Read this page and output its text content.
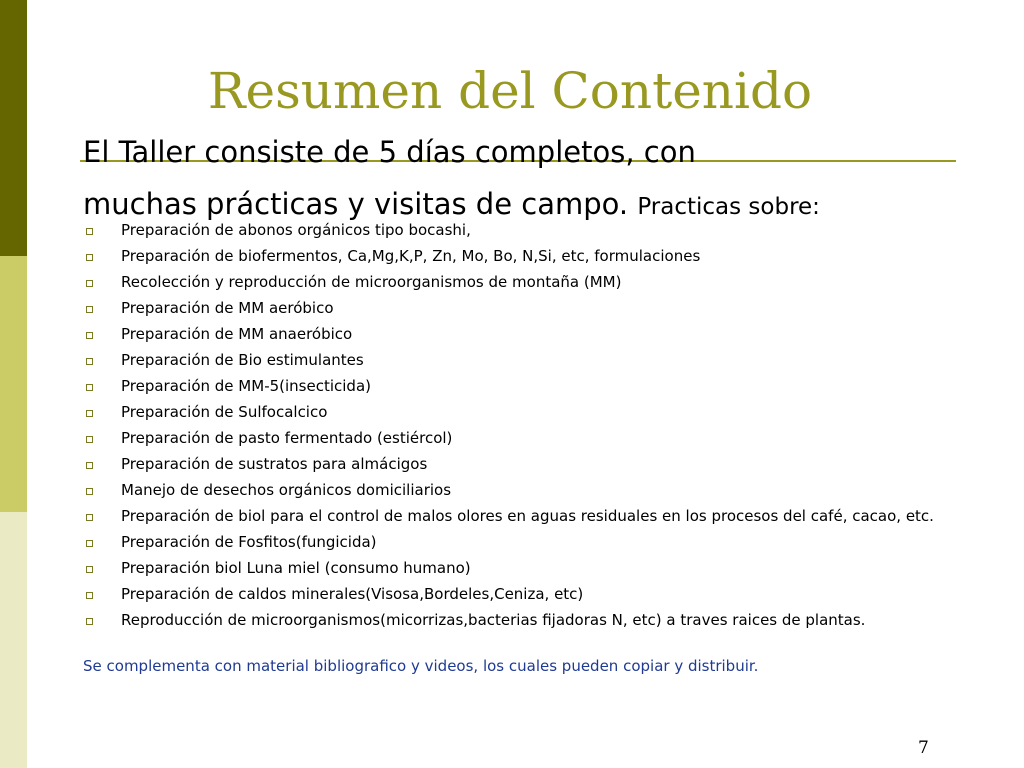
Resumen del Contenido
El Taller consiste de 5 días completos, con
muchas prácticas y visitas de campo. Practicas sobre:
Preparación de abonos orgánicos tipo bocashi,
Preparación de biofermentos, Ca,Mg,K,P, Zn, Mo, Bo, N,Si, etc, formulaciones
Recolección y reproducción de microorganismos de montaña (MM)
Preparación de MM aeróbico
Preparación de MM anaeróbico
Preparación de Bio estimulantes
Preparación de MM-5(insecticida)
Preparación de Sulfocalcico
Preparación de pasto fermentado (estiércol)
Preparación de sustratos para almácigos
Manejo de desechos orgánicos domiciliarios
Preparación de biol para el control de malos olores en aguas residuales en los procesos del café, cacao, etc.
Preparación de Fosfitos(fungicida)
Preparación biol Luna miel (consumo humano)
Preparación de caldos minerales(Visosa,Bordeles,Ceniza, etc)
Reproducción de microorganismos(micorrizas,bacterias fijadoras N, etc) a traves raices de plantas.
Se complementa con material bibliografico y videos, los cuales pueden copiar y distribuir.
7
